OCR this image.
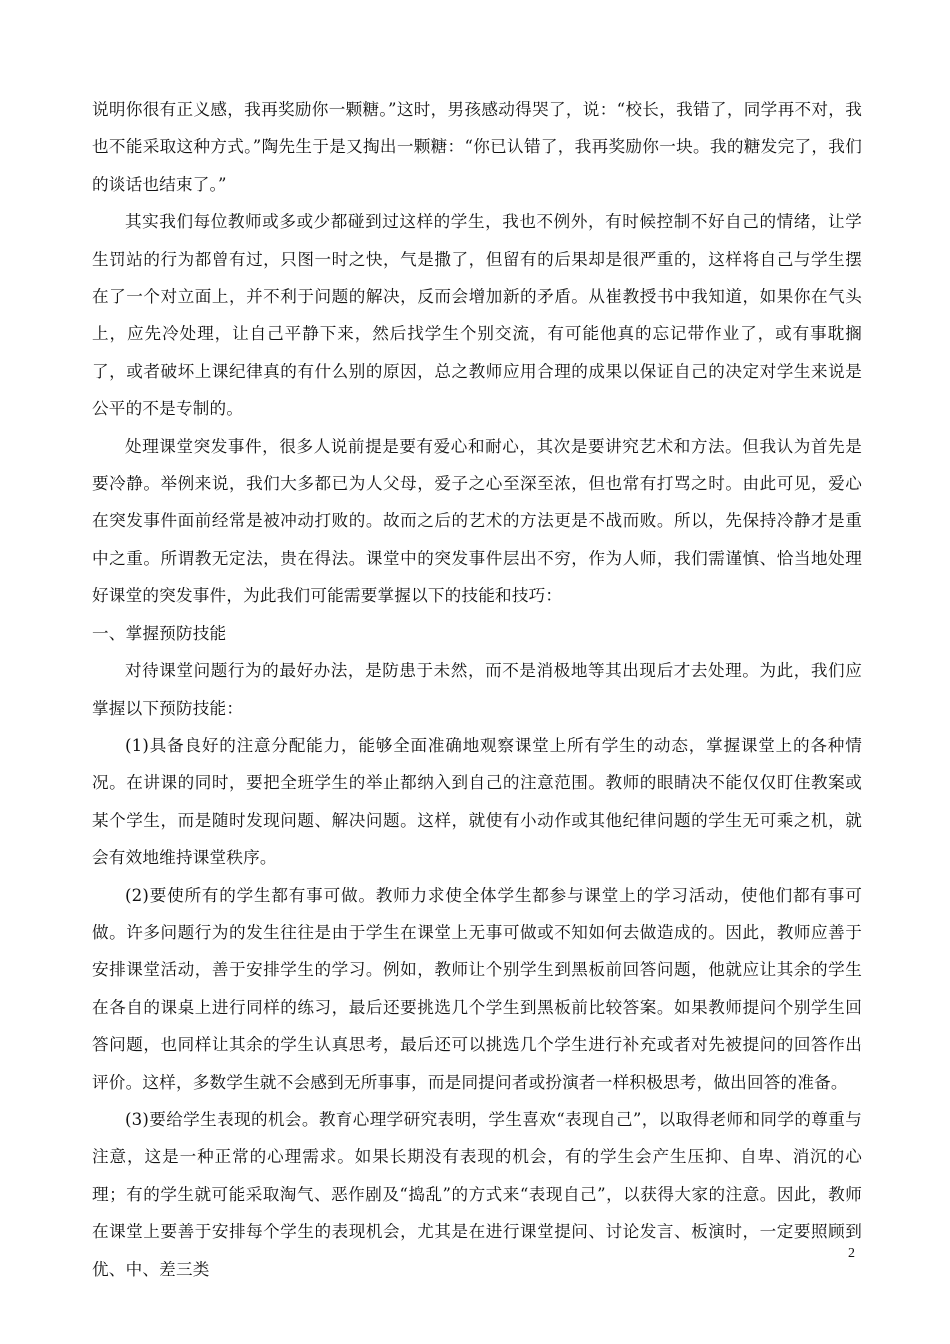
说明你很有正义感，我再奖励你一颗糖。”这时，男孩感动得哭了，说：“校长，我错了，同学再不对，我也不能采取这种方式。”陶先生于是又掏出一颗糖：“你已认错了，我再奖励你一块。我的糖发完了，我们的谈话也结束了。”

其实我们每位教师或多或少都碰到过这样的学生，我也不例外，有时候控制不好自己的情绪，让学生罚站的行为都曾有过，只图一时之快，气是撒了，但留有的后果却是很严重的，这样将自己与学生摆在了一个对立面上，并不利于问题的解决，反而会增加新的矛盾。从崔教授书中我知道，如果你在气头上，应先冷处理，让自己平静下来，然后找学生个别交流，有可能他真的忘记带作业了，或有事耽搁了，或者破坏上课纪律真的有什么别的原因，总之教师应用合理的成果以保证自己的决定对学生来说是公平的不是专制的。

处理课堂突发事件，很多人说前提是要有爱心和耐心，其次是要讲究艺术和方法。但我认为首先是要冷静。举例来说，我们大多都已为人父母，爱子之心至深至浓，但也常有打骂之时。由此可见，爱心在突发事件面前经常是被冲动打败的。故而之后的艺术的方法更是不战而败。所以，先保持冷静才是重中之重。所谓教无定法，贵在得法。课堂中的突发事件层出不穷，作为人师，我们需谨慎、恰当地处理好课堂的突发事件，为此我们可能需要掌握以下的技能和技巧：

一、掌握预防技能

对待课堂问题行为的最好办法，是防患于未然，而不是消极地等其出现后才去处理。为此，我们应掌握以下预防技能：

(1)具备良好的注意分配能力，能够全面准确地观察课堂上所有学生的动态，掌握课堂上的各种情况。在讲课的同时，要把全班学生的举止都纳入到自己的注意范围。教师的眼睛决不能仅仅盯住教案或某个学生，而是随时发现问题、解决问题。这样，就使有小动作或其他纪律问题的学生无可乘之机，就会有效地维持课堂秩序。

(2)要使所有的学生都有事可做。教师力求使全体学生都参与课堂上的学习活动，使他们都有事可做。许多问题行为的发生往往是由于学生在课堂上无事可做或不知如何去做造成的。因此，教师应善于安排课堂活动，善于安排学生的学习。例如，教师让个别学生到黑板前回答问题，他就应让其余的学生在各自的课桌上进行同样的练习，最后还要挑选几个学生到黑板前比较答案。如果教师提问个别学生回答问题，也同样让其余的学生认真思考，最后还可以挑选几个学生进行补充或者对先被提问的回答作出评价。这样，多数学生就不会感到无所事事，而是同提问者或扮演者一样积极思考，做出回答的准备。

(3)要给学生表现的机会。教育心理学研究表明，学生喜欢“表现自己”，以取得老师和同学的尊重与注意，这是一种正常的心理需求。如果长期没有表现的机会，有的学生会产生压抑、自卑、消沉的心理；有的学生就可能采取淘气、恶作剧及“捣乱”的方式来“表现自己”，以获得大家的注意。因此，教师在课堂上要善于安排每个学生的表现机会，尤其是在进行课堂提问、讨论发言、板演时，一定要照顾到优、中、差三类

2
